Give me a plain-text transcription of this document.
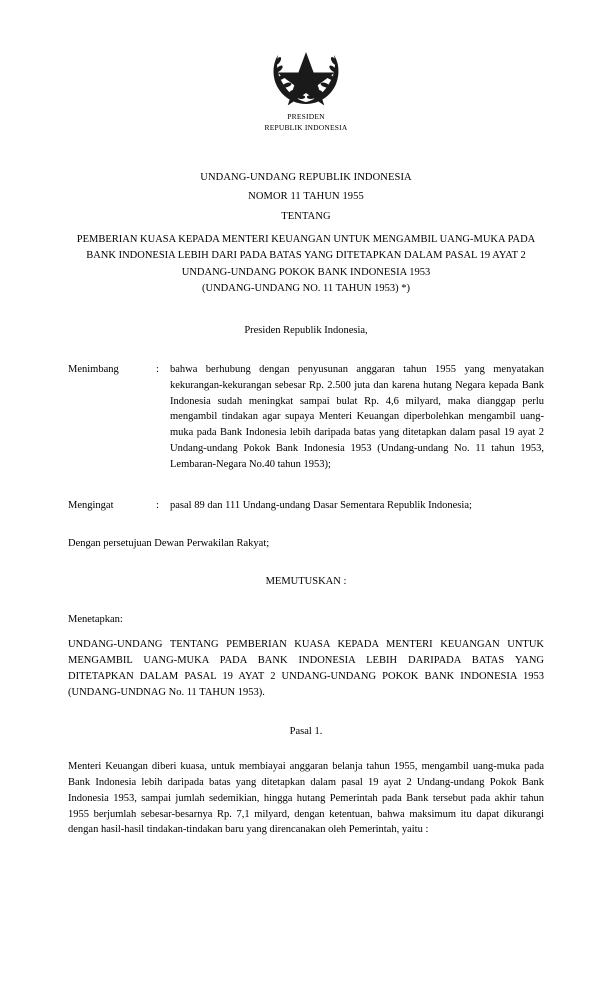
PRESIDEN
REPUBLIK INDONESIA
UNDANG-UNDANG REPUBLIK INDONESIA
NOMOR 11 TAHUN 1955
TENTANG
PEMBERIAN KUASA KEPADA MENTERI KEUANGAN UNTUK MENGAMBIL UANG-MUKA PADA BANK INDONESIA LEBIH DARI PADA BATAS YANG DITETAPKAN DALAM PASAL 19 AYAT 2 UNDANG-UNDANG POKOK BANK INDONESIA 1953
(UNDANG-UNDANG NO. 11 TAHUN 1953) *)
Presiden Republik Indonesia,
Menimbang	:	bahwa berhubung dengan penyusunan anggaran tahun 1955 yang menyatakan kekurangan-kekurangan sebesar Rp. 2.500 juta dan karena hutang Negara kepada Bank Indonesia sudah meningkat sampai bulat Rp. 4,6 milyard, maka dianggap perlu mengambil tindakan agar supaya Menteri Keuangan diperbolehkan mengambil uang-muka pada Bank Indonesia lebih daripada batas yang ditetapkan dalam pasal 19 ayat 2 Undang-undang Pokok Bank Indonesia 1953 (Undang-undang No. 11 tahun 1953, Lembaran-Negara No.40 tahun 1953);
Mengingat	:	pasal 89 dan 111 Undang-undang Dasar Sementara Republik Indonesia;
Dengan persetujuan Dewan Perwakilan Rakyat;
MEMUTUSKAN :
Menetapkan:
UNDANG-UNDANG TENTANG PEMBERIAN KUASA KEPADA MENTERI KEUANGAN UNTUK MENGAMBIL UANG-MUKA PADA BANK INDONESIA LEBIH DARIPADA BATAS YANG DITETAPKAN DALAM PASAL 19 AYAT 2 UNDANG-UNDANG POKOK BANK INDONESIA 1953 (UNDANG-UNDNAG No. 11 TAHUN 1953).
Pasal 1.
Menteri Keuangan diberi kuasa, untuk membiayai anggaran belanja tahun 1955, mengambil uang-muka pada Bank Indonesia lebih daripada batas yang ditetapkan dalam pasal 19 ayat 2 Undang-undang Pokok Bank Indonesia 1953, sampai jumlah sedemikian, hingga hutang Pemerintah pada Bank tersebut pada akhir tahun 1955 berjumlah sebesar-besarnya Rp. 7,1 milyard, dengan ketentuan, bahwa maksimum itu dapat dikurangi dengan hasil-hasil tindakan-tindakan baru yang direncanakan oleh Pemerintah, yaitu :
